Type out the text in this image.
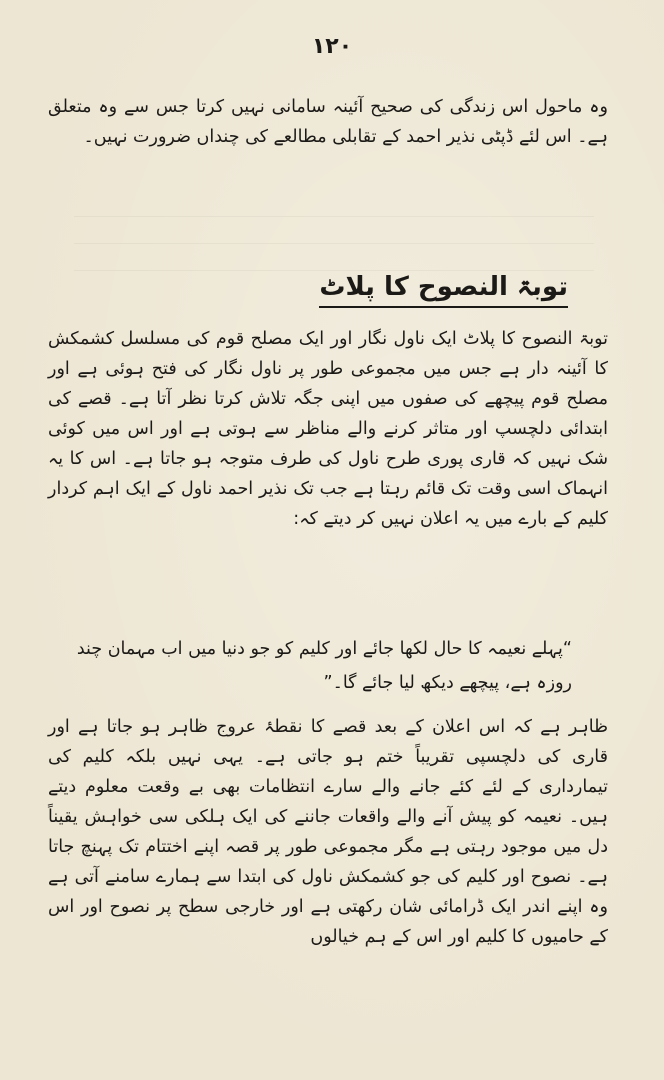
۱۲۰

وہ ماحول اس زندگی کی صحیح آئینہ سامانی نہیں کرتا جس سے وہ متعلق ہے۔ اس لئے ڈپٹی نذیر احمد کے تقابلی مطالعے کی چنداں ضرورت نہیں۔

توبۃ النصوح کا پلاٹ

توبۃ النصوح کا پلاٹ ایک ناول نگار اور ایک مصلح قوم کی مسلسل کشمکش کا آئینہ دار ہے جس میں مجموعی طور پر ناول نگار کی فتح ہوئی ہے اور مصلح قوم پیچھے کی صفوں میں اپنی جگہ تلاش کرتا نظر آتا ہے۔ قصے کی ابتدائی دلچسپ اور متاثر کرنے والے مناظر سے ہوتی ہے اور اس میں کوئی شک نہیں کہ قاری پوری طرح ناول کی طرف متوجہ ہو جاتا ہے۔ اس کا یہ انہماک اسی وقت تک قائم رہتا ہے جب تک نذیر احمد ناول کے ایک اہم کردار کلیم کے بارے میں یہ اعلان نہیں کر دیتے کہ:

“پہلے نعیمہ کا حال لکھا جائے اور کلیم کو جو دنیا میں اب مہمان چند روزہ ہے، پیچھے دیکھ لیا جائے گا۔”

ظاہر ہے کہ اس اعلان کے بعد قصے کا نقطۂ عروج ظاہر ہو جاتا ہے اور قاری کی دلچسپی تقریباً ختم ہو جاتی ہے۔ یہی نہیں بلکہ کلیم کی تیمارداری کے لئے کئے جانے والے سارے انتظامات بھی بے وقعت معلوم دیتے ہیں۔ نعیمہ کو پیش آنے والے واقعات جاننے کی ایک ہلکی سی خواہش یقیناً دل میں موجود رہتی ہے مگر مجموعی طور پر قصہ اپنے اختتام تک پہنچ جاتا ہے۔ نصوح اور کلیم کی جو کشمکش ناول کی ابتدا سے ہمارے سامنے آتی ہے وہ اپنے اندر ایک ڈرامائی شان رکھتی ہے اور خارجی سطح پر نصوح اور اس کے حامیوں کا کلیم اور اس کے ہم خیالوں
